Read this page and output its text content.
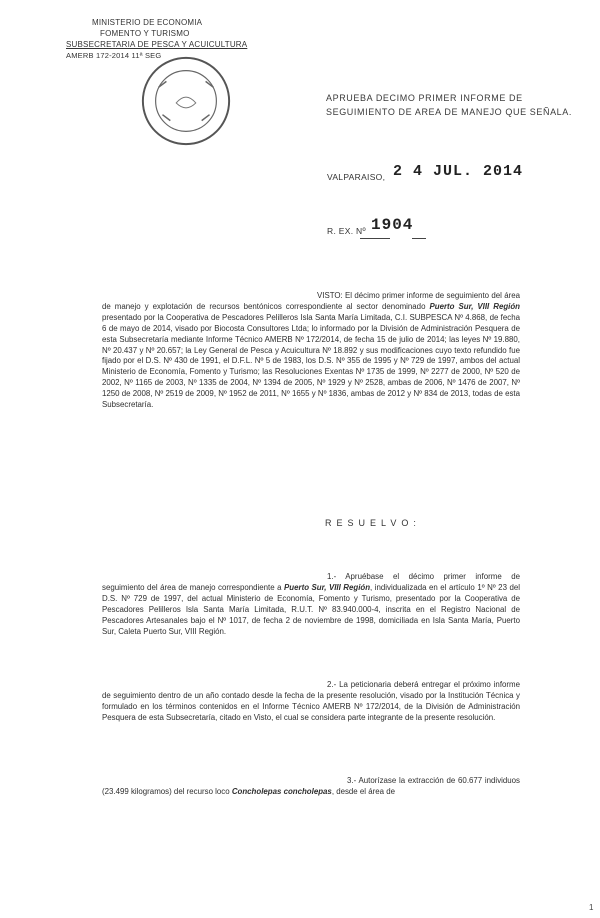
MINISTERIO DE ECONOMIA
FOMENTO Y TURISMO
SUBSECRETARIA DE PESCA Y ACUICULTURA
AMERB 172-2014 11ª SEG
APRUEBA DECIMO PRIMER INFORME DE
SEGUIMIENTO DE AREA DE MANEJO QUE SEÑALA.
VALPARAISO, 2 4 JUL. 2014
R. EX. Nº 1904
VISTO: El décimo primer informe de seguimiento del área de manejo y explotación de recursos bentónicos correspondiente al sector denominado Puerto Sur, VIII Región presentado por la Cooperativa de Pescadores Pelilleros Isla Santa María Limitada, C.I. SUBPESCA Nº 4.868, de fecha 6 de mayo de 2014, visado por Biocosta Consultores Ltda; lo informado por la División de Administración Pesquera de esta Subsecretaría mediante Informe Técnico AMERB Nº 172/2014, de fecha 15 de julio de 2014; las leyes Nº 19.880, Nº 20.437 y Nº 20.657; la Ley General de Pesca y Acuicultura Nº 18.892 y sus modificaciones cuyo texto refundido fue fijado por el D.S. Nº 430 de 1991, el D.F.L. Nº 5 de 1983, los D.S. Nº 355 de 1995 y Nº 729 de 1997, ambos del actual Ministerio de Economía, Fomento y Turismo; las Resoluciones Exentas Nº 1735 de 1999, Nº 2277 de 2000, Nº 520 de 2002, Nº 1165 de 2003, Nº 1335 de 2004, Nº 1394 de 2005, Nº 1929 y Nº 2528, ambas de 2006, Nº 1476 de 2007, Nº 1250 de 2008, Nº 2519 de 2009, Nº 1952 de 2011, Nº 1655 y Nº 1836, ambas de 2012 y Nº 834 de 2013, todas de esta Subsecretaría.
RESUELVO:
1.- Apruébase el décimo primer informe de seguimiento del área de manejo correspondiente a Puerto Sur, VIII Región, individualizada en el artículo 1º Nº 23 del D.S. Nº 729 de 1997, del actual Ministerio de Economía, Fomento y Turismo, presentado por la Cooperativa de Pescadores Pelilleros Isla Santa María Limitada, R.U.T. Nº 83.940.000-4, inscrita en el Registro Nacional de Pescadores Artesanales bajo el Nº 1017, de fecha 2 de noviembre de 1998, domiciliada en Isla Santa María, Puerto Sur, Caleta Puerto Sur, VIII Región.
2.- La peticionaria deberá entregar el próximo informe de seguimiento dentro de un año contado desde la fecha de la presente resolución, visado por la Institución Técnica y formulado en los términos contenidos en el Informe Técnico AMERB Nº 172/2014, de la División de Administración Pesquera de esta Subsecretaría, citado en Visto, el cual se considera parte integrante de la presente resolución.
3.- Autorízase la extracción de 60.677 individuos (23.499 kilogramos) del recurso loco Concholepas concholepas, desde el área de
1
